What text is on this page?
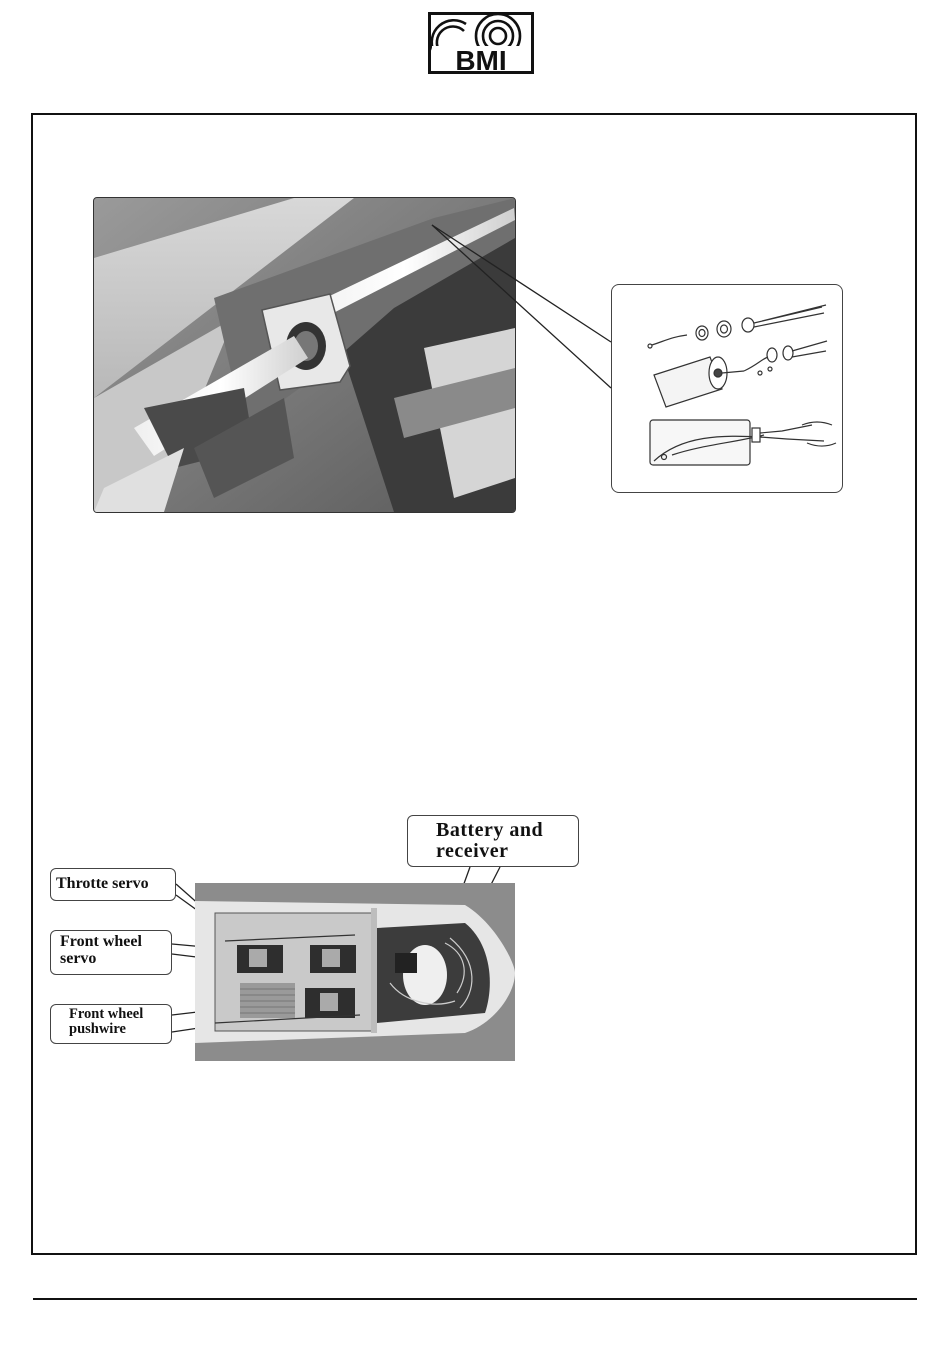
BMI
Battery and
receiver
Throtte servo
Front wheel
servo
Front wheel
pushwire
